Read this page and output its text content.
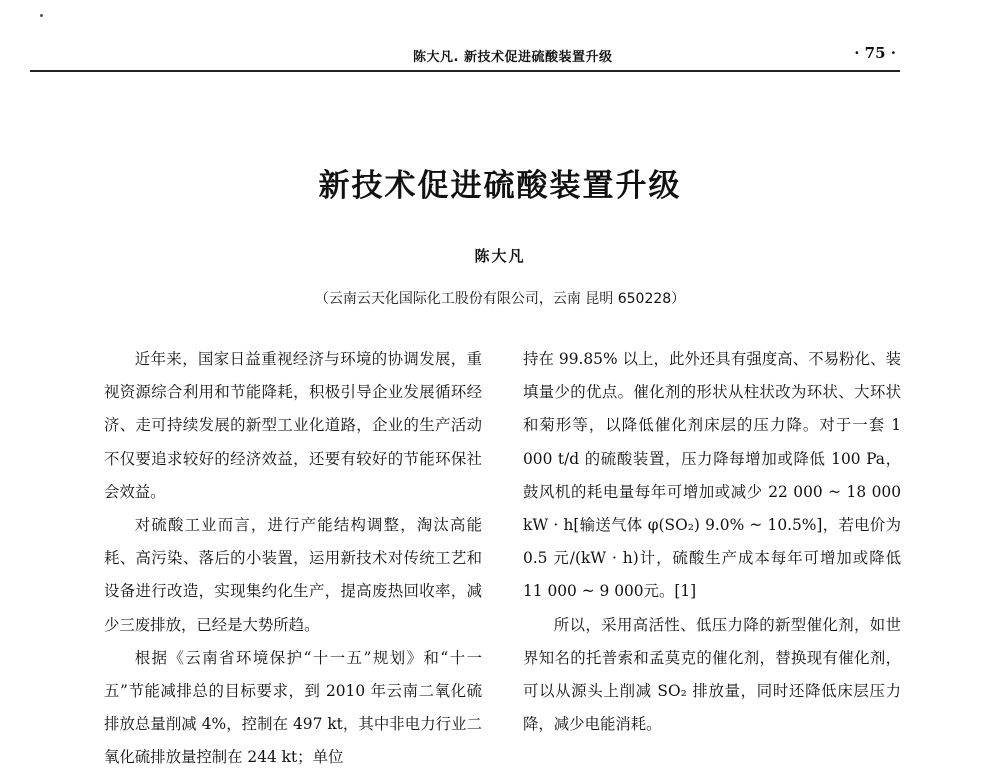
陈大凡. 新技术促进硫酸装置升级	· 75 ·
新技术促进硫酸装置升级
陈大凡
（云南云天化国际化工股份有限公司，云南 昆明 650228）

近年来，国家日益重视经济与环境的协调发展，重视资源综合利用和节能降耗，积极引导企业发展循环经济、走可持续发展的新型工业化道路，企业的生产活动不仅要追求较好的经济效益，还要有较好的节能环保社会效益。

对硫酸工业而言，进行产能结构调整，淘汰高能耗、高污染、落后的小装置，运用新技术对传统工艺和设备进行改造，实现集约化生产，提高废热回收率，减少三废排放，已经是大势所趋。

根据《云南省环境保护“十一五”规划》和“十一五”节能减排总的目标要求，到 2010 年云南二氧化硫排放总量削减 4%，控制在 497 kt，其中非电力行业二氧化硫排放量控制在 244 kt；单位

持在 99.85% 以上，此外还具有强度高、不易粉化、装填量少的优点。催化剂的形状从柱状改为环状、大环状和菊形等，以降低催化剂床层的压力降。对于一套 1 000 t/d 的硫酸装置，压力降每增加或降低 100 Pa，鼓风机的耗电量每年可增加或减少 22 000 ~ 18 000 kW · h[输送气体 φ(SO₂) 9.0% ~ 10.5%]，若电价为 0.5 元/(kW · h)计，硫酸生产成本每年可增加或降低 11 000 ~ 9 000元。[1]

所以，采用高活性、低压力降的新型催化剂，如世界知名的托普索和孟莫克的催化剂，替换现有催化剂，可以从源头上削减 SO₂ 排放量，同时还降低床层压力降，减少电能消耗。
